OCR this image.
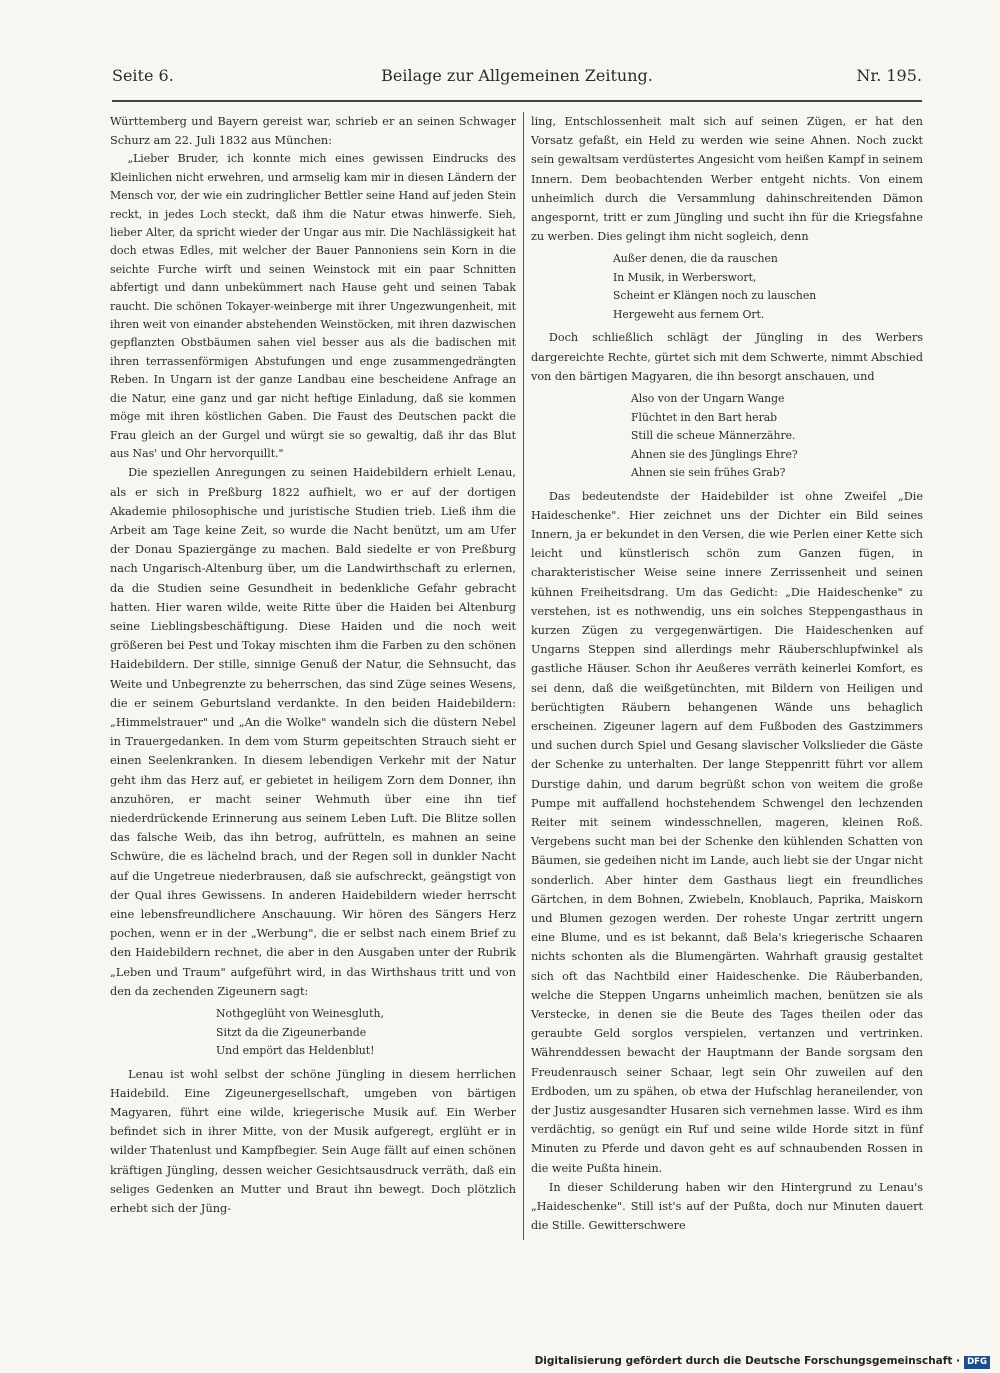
Seite 6.	Beilage zur Allgemeinen Zeitung.	Nr. 195.

Württemberg und Bayern gereist war, schrieb er an seinen Schwager Schurz am 22. Juli 1832 aus München:

„Lieber Bruder, ich konnte mich eines gewissen Eindrucks des Kleinlichen nicht erwehren, und armselig kam mir in diesen Ländern der Mensch vor, der wie ein zudringlicher Bettler seine Hand auf jeden Stein reckt, in jedes Loch steckt, daß ihm die Natur etwas hinwerfe. Sieh, lieber Alter, da spricht wieder der Ungar aus mir. Die Nachlässigkeit hat doch etwas Edles, mit welcher der Bauer Pannoniens sein Korn in die seichte Furche wirft und seinen Weinstock mit ein paar Schnitten abfertigt und dann unbekümmert nach Hause geht und seinen Tabak raucht. Die schönen Tokayer-weinberge mit ihrer Ungezwungenheit, mit ihren weit von einander abstehenden Weinstöcken, mit ihren dazwischen gepflanzten Obstbäumen sahen viel besser aus als die badischen mit ihren terrassenförmigen Abstufungen und enge zusammengedrängten Reben. In Ungarn ist der ganze Landbau eine bescheidene Anfrage an die Natur, eine ganz und gar nicht heftige Einladung, daß sie kommen möge mit ihren köstlichen Gaben. Die Faust des Deutschen packt die Frau gleich an der Gurgel und würgt sie so gewaltig, daß ihr das Blut aus Nas' und Ohr hervorquillt."

Die speziellen Anregungen zu seinen Haidebildern erhielt Lenau, als er sich in Preßburg 1822 aufhielt, wo er auf der dortigen Akademie philosophische und juristische Studien trieb. Ließ ihm die Arbeit am Tage keine Zeit, so wurde die Nacht benützt, um am Ufer der Donau Spaziergänge zu machen. Bald siedelte er von Preßburg nach Ungarisch-Altenburg über, um die Landwirthschaft zu erlernen, da die Studien seine Gesundheit in bedenkliche Gefahr gebracht hatten. Hier waren wilde, weite Ritte über die Haiden bei Altenburg seine Lieblingsbeschäftigung. Diese Haiden und die noch weit größeren bei Pest und Tokay mischten ihm die Farben zu den schönen Haidebildern. Der stille, sinnige Genuß der Natur, die Sehnsucht, das Weite und Unbegrenzte zu beherrschen, das sind Züge seines Wesens, die er seinem Geburtsland verdankte. In den beiden Haidebildern: „Himmelstrauer" und „An die Wolke" wandeln sich die düstern Nebel in Trauergedanken. In dem vom Sturm gepeitschten Strauch sieht er einen Seelenkranken. In diesem lebendigen Verkehr mit der Natur geht ihm das Herz auf, er gebietet in heiligem Zorn dem Donner, ihn anzuhören, er macht seiner Wehmuth über eine ihn tief niederdrückende Erinnerung aus seinem Leben Luft. Die Blitze sollen das falsche Weib, das ihn betrog, aufrütteln, es mahnen an seine Schwüre, die es lächelnd brach, und der Regen soll in dunkler Nacht auf die Ungetreue niederbrausen, daß sie aufschreckt, geängstigt von der Qual ihres Gewissens. In anderen Haidebildern wieder herrscht eine lebensfreundlichere Anschauung. Wir hören des Sängers Herz pochen, wenn er in der „Werbung", die er selbst nach einem Brief zu den Haidebildern rechnet, die aber in den Ausgaben unter der Rubrik „Leben und Traum" aufgeführt wird, in das Wirthshaus tritt und von den da zechenden Zigeunern sagt:

Nothgeglüht von Weinesgluth,
Sitzt da die Zigeunerbande
Und empört das Heldenblut!

Lenau ist wohl selbst der schöne Jüngling in diesem herrlichen Haidebild. Eine Zigeunergesellschaft, umgeben von bärtigen Magyaren, führt eine wilde, kriegerische Musik auf. Ein Werber befindet sich in ihrer Mitte, von der Musik aufgeregt, erglüht er in wilder Thatenlust und Kampfbegier. Sein Auge fällt auf einen schönen kräftigen Jüngling, dessen weicher Gesichtsausdruck verräth, daß ein seliges Gedenken an Mutter und Braut ihn bewegt. Doch plötzlich erhebt sich der Jüng-

ling, Entschlossenheit malt sich auf seinen Zügen, er hat den Vorsatz gefaßt, ein Held zu werden wie seine Ahnen. Noch zuckt sein gewaltsam verdüstertes Angesicht vom heißen Kampf in seinem Innern. Dem beobachtenden Werber entgeht nichts. Von einem unheimlich durch die Versammlung dahinschreitenden Dämon angespornt, tritt er zum Jüngling und sucht ihn für die Kriegsfahne zu werben. Dies gelingt ihm nicht sogleich, denn

Außer denen, die da rauschen
In Musik, in Werberswort,
Scheint er Klängen noch zu lauschen
Hergeweht aus fernem Ort.

Doch schließlich schlägt der Jüngling in des Werbers dargereichte Rechte, gürtet sich mit dem Schwerte, nimmt Abschied von den bärtigen Magyaren, die ihn besorgt anschauen, und

Also von der Ungarn Wange
Flüchtet in den Bart herab
Still die scheue Männerzähre.
Ahnen sie des Jünglings Ehre?
Ahnen sie sein frühes Grab?

Das bedeutendste der Haidebilder ist ohne Zweifel „Die Haideschenke". Hier zeichnet uns der Dichter ein Bild seines Innern, ja er bekundet in den Versen, die wie Perlen einer Kette sich leicht und künstlerisch schön zum Ganzen fügen, in charakteristischer Weise seine innere Zerrissenheit und seinen kühnen Freiheitsdrang. Um das Gedicht: „Die Haideschenke" zu verstehen, ist es nothwendig, uns ein solches Steppengasthaus in kurzen Zügen zu vergegenwärtigen. Die Haideschenken auf Ungarns Steppen sind allerdings mehr Räuberschlupfwinkel als gastliche Häuser. Schon ihr Aeußeres verräth keinerlei Komfort, es sei denn, daß die weißgetünchten, mit Bildern von Heiligen und berüchtigten Räubern behangenen Wände uns behaglich erscheinen. Zigeuner lagern auf dem Fußboden des Gastzimmers und suchen durch Spiel und Gesang slavischer Volkslieder die Gäste der Schenke zu unterhalten. Der lange Steppenritt führt vor allem Durstige dahin, und darum begrüßt schon von weitem die große Pumpe mit auffallend hochstehendem Schwengel den lechzenden Reiter mit seinem windesschnellen, mageren, kleinen Roß. Vergebens sucht man bei der Schenke den kühlenden Schatten von Bäumen, sie gedeihen nicht im Lande, auch liebt sie der Ungar nicht sonderlich. Aber hinter dem Gasthaus liegt ein freundliches Gärtchen, in dem Bohnen, Zwiebeln, Knoblauch, Paprika, Maiskorn und Blumen gezogen werden. Der roheste Ungar zertritt ungern eine Blume, und es ist bekannt, daß Bela's kriegerische Schaaren nichts schonten als die Blumengärten. Wahrhaft grausig gestaltet sich oft das Nachtbild einer Haideschenke. Die Räuberbanden, welche die Steppen Ungarns unheimlich machen, benützen sie als Verstecke, in denen sie die Beute des Tages theilen oder das geraubte Geld sorglos verspielen, vertanzen und vertrinken. Währenddessen bewacht der Hauptmann der Bande sorgsam den Freudenrausch seiner Schaar, legt sein Ohr zuweilen auf den Erdboden, um zu spähen, ob etwa der Hufschlag heraneilender, von der Justiz ausgesandter Husaren sich vernehmen lasse. Wird es ihm verdächtig, so genügt ein Ruf und seine wilde Horde sitzt in fünf Minuten zu Pferde und davon geht es auf schnaubenden Rossen in die weite Pußta hinein.

In dieser Schilderung haben wir den Hintergrund zu Lenau's „Haideschenke". Still ist's auf der Pußta, doch nur Minuten dauert die Stille. Gewitterschwere

Digitalisierung gefördert durch die Deutsche Forschungsgemeinschaft · DFG
